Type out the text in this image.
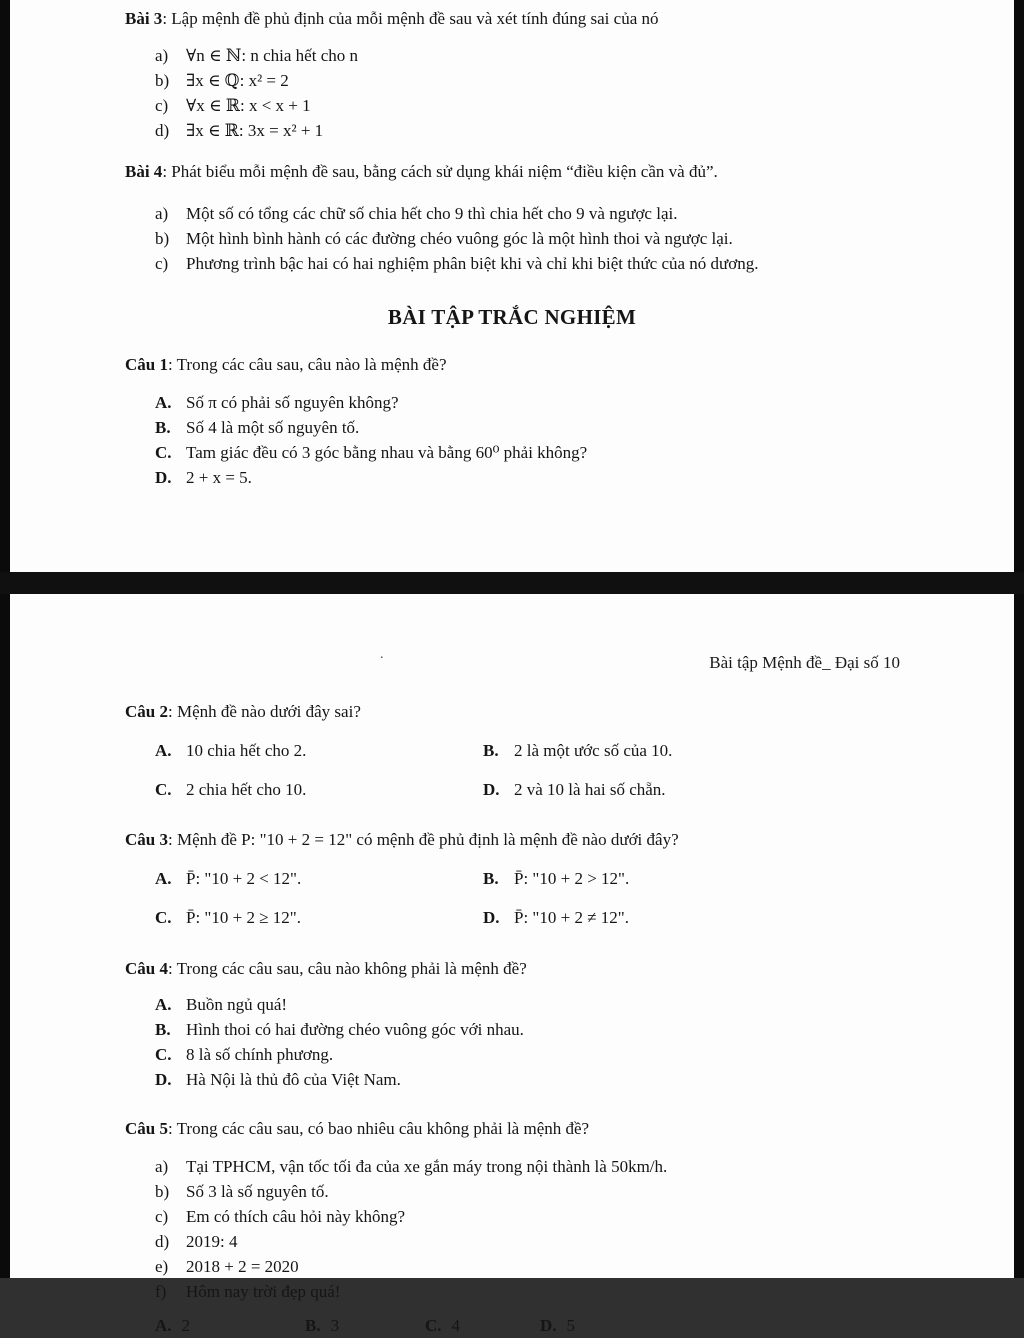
Bài 3: Lập mệnh đề phủ định của mỗi mệnh đề sau và xét tính đúng sai của nó

a)	∀n ∈ ℕ: n chia hết cho n
b) ∃x ∈ ℚ: x² = 2
c)	∀x ∈ ℝ: x < x + 1
d) ∃x ∈ ℝ: 3x = x² + 1

Bài 4: Phát biểu mỗi mệnh đề sau, bằng cách sử dụng khái niệm “điều kiện cần và đủ”.

a)	Một số có tổng các chữ số chia hết cho 9 thì chia hết cho 9 và ngược lại.
b) Một hình bình hành có các đường chéo vuông góc là một hình thoi và ngược lại.
c)	Phương trình bậc hai có hai nghiệm phân biệt khi và chỉ khi biệt thức của nó dương.
BÀI TẬP TRẮC NGHIỆM

Câu 1: Trong các câu sau, câu nào là mệnh đề?

A. Số π có phải số nguyên không?
B. Số 4 là một số nguyên tố.
C. Tam giác đều có 3 góc bằng nhau và bằng 60⁰ phải không?
D. 2 + x = 5.
.	Bài tập Mệnh đề_ Đại số 10

Câu 2: Mệnh đề nào dưới đây sai?

A. 10 chia hết cho 2.	B. 2 là một ước số của 10.
C. 2 chia hết cho 10.	D. 2 và 10 là hai số chẵn.

Câu 3: Mệnh đề P: "10 + 2 = 12" có mệnh đề phủ định là mệnh đề nào dưới đây?

A. P̄: "10 + 2 < 12".	B. P̄: "10 + 2 > 12".
C. P̄: "10 + 2 ≥ 12".	D. P̄: "10 + 2 ≠ 12".

Câu 4: Trong các câu sau, câu nào không phải là mệnh đề?

A. Buồn ngủ quá!
B. Hình thoi có hai đường chéo vuông góc với nhau.
C. 8 là số chính phương.
D. Hà Nội là thủ đô của Việt Nam.

Câu 5: Trong các câu sau, có bao nhiêu câu không phải là mệnh đề?

a)	Tại TPHCM, vận tốc tối đa của xe gắn máy trong nội thành là 50km/h.
b) Số 3 là số nguyên tố.
c)	Em có thích câu hỏi này không?
d) 2019: 4
e)	2018 + 2 = 2020
f)	Hôm nay trời đẹp quá!
A. 2	B. 3	C. 4	D. 5
